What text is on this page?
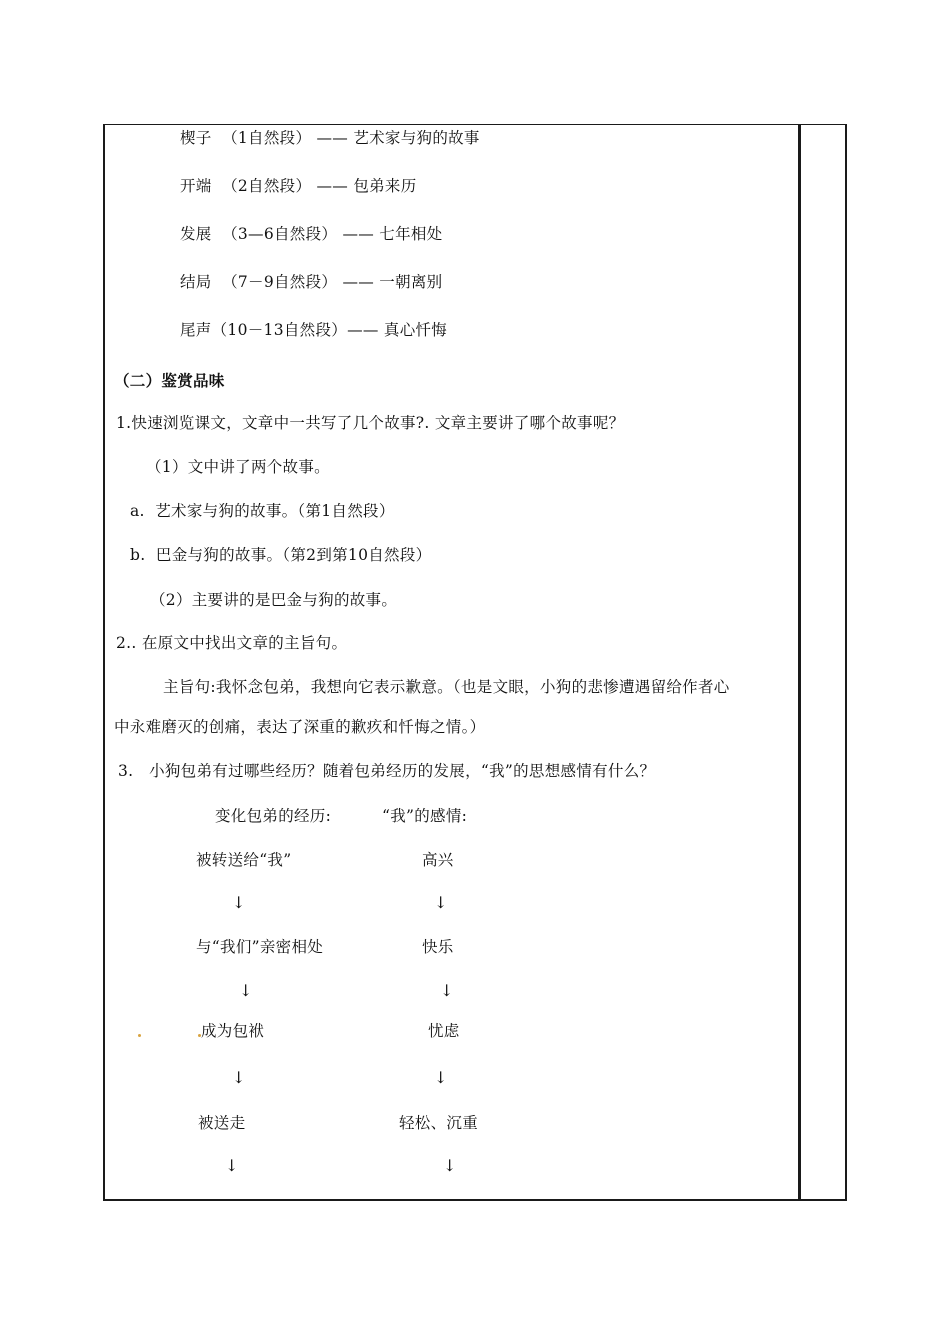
楔子 （1自然段） —— 艺术家与狗的故事
开端 （2自然段） —— 包弟来历
发展 （3—6自然段） —— 七年相处
结局 （7－9自然段） —— 一朝离别
尾声（10－13自然段）—— 真心忏悔
（二）鉴赏品味
1.快速浏览课文，文章中一共写了几个故事?. 文章主要讲了哪个故事呢？
（1）文中讲了两个故事。
a.  艺术家与狗的故事。（第1自然段）
b.  巴金与狗的故事。（第2到第10自然段）
（2）主要讲的是巴金与狗的故事。
2.. 在原文中找出文章的主旨句。
主旨句:我怀念包弟，我想向它表示歉意。（也是文眼，小狗的悲惨遭遇留给作者心
中永难磨灭的创痛，表达了深重的歉疚和忏悔之情。）
3.   小狗包弟有过哪些经历？随着包弟经历的发展，“我”的思想感情有什么？
变化包弟的经历:	“我”的感情:
被转送给“我”	高兴
↓	↓
与“我们”亲密相处	快乐
↓	↓
成为包袱	忧虑
↓	↓
被送走	轻松、沉重
↓	↓
